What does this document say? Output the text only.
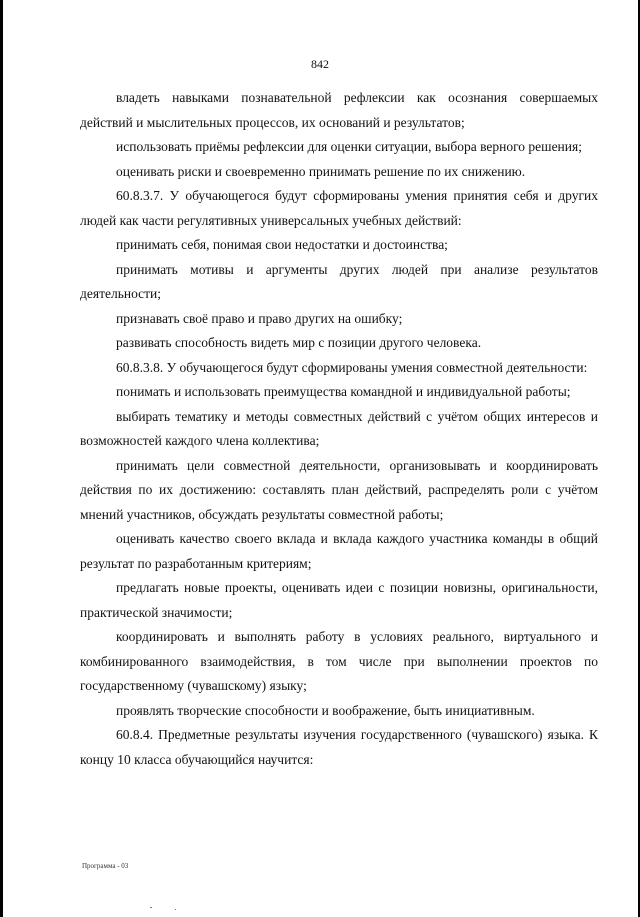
842

владеть навыками познавательной рефлексии как осознания совершаемых действий и мыслительных процессов, их оснований и результатов;

использовать приёмы рефлексии для оценки ситуации, выбора верного решения;

оценивать риски и своевременно принимать решение по их снижению.

60.8.3.7. У обучающегося будут сформированы умения принятия себя и других людей как части регулятивных универсальных учебных действий:

принимать себя, понимая свои недостатки и достоинства;

принимать мотивы и аргументы других людей при анализе результатов деятельности;

признавать своё право и право других на ошибку;

развивать способность видеть мир с позиции другого человека.

60.8.3.8. У обучающегося будут сформированы умения совместной деятельности:

понимать и использовать преимущества командной и индивидуальной работы;

выбирать тематику и методы совместных действий с учётом общих интересов и возможностей каждого члена коллектива;

принимать цели совместной деятельности, организовывать и координировать действия по их достижению: составлять план действий, распределять роли с учётом мнений участников, обсуждать результаты совместной работы;

оценивать качество своего вклада и вклада каждого участника команды в общий результат по разработанным критериям;

предлагать новые проекты, оценивать идеи с позиции новизны, оригинальности, практической значимости;

координировать и выполнять работу в условиях реального, виртуального и комбинированного взаимодействия, в том числе при выполнении проектов по государственному (чувашскому) языку;

проявлять творческие способности и воображение, быть инициативным.

60.8.4. Предметные результаты изучения государственного (чувашского) языка. К концу 10 класса обучающийся научится:

Программа - 03
